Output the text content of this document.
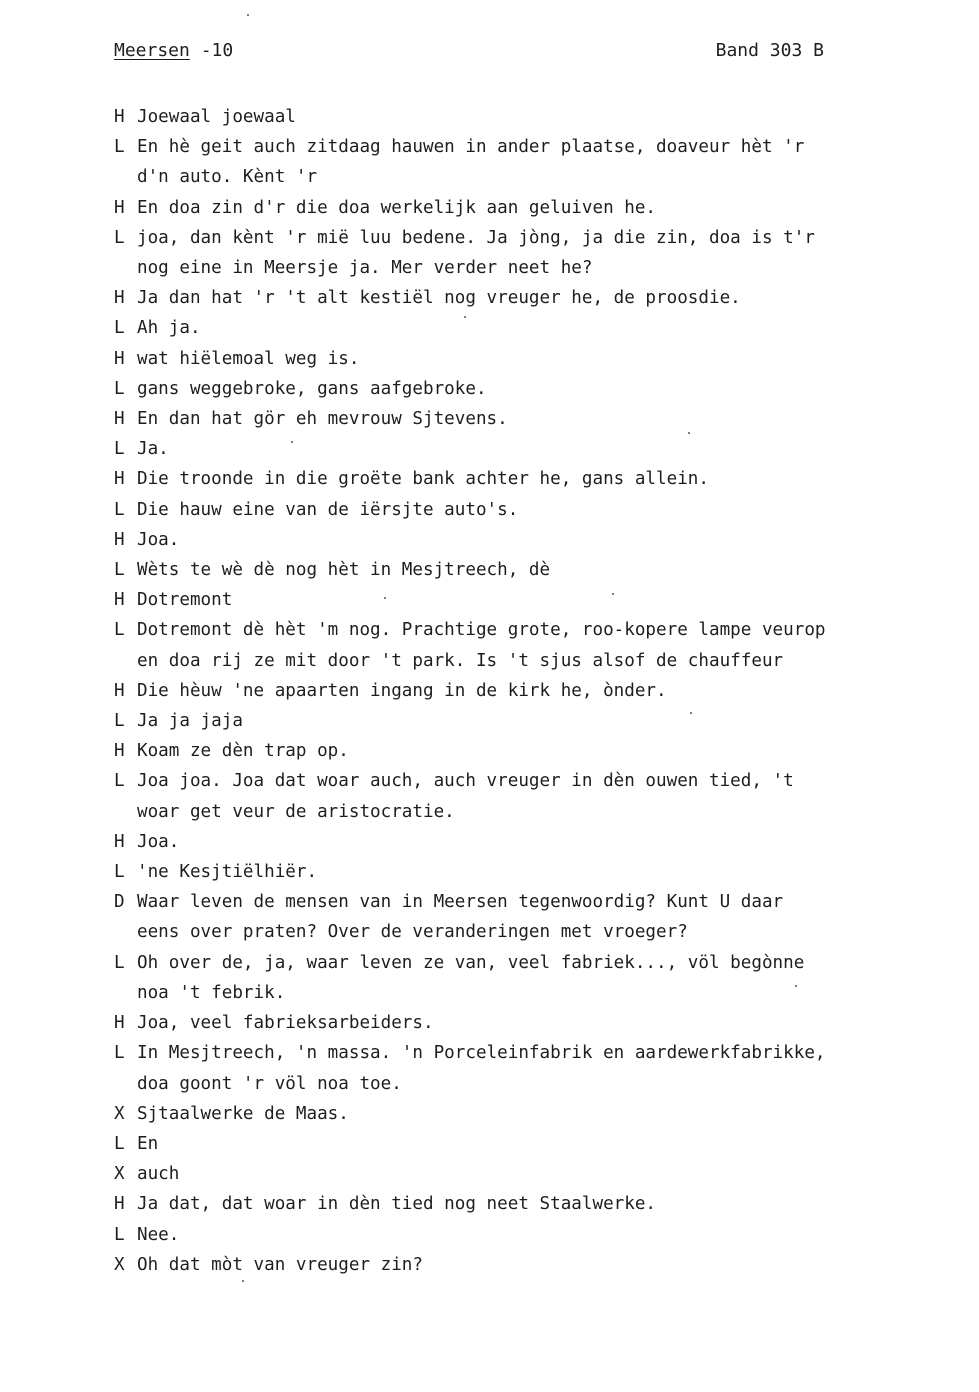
Meersen -10	Band 303 B
H Joewaal joewaal
L En hè geit auch zitdaag hauwen in ander plaatse, doaveur hèt 'r
d'n auto. Kènt 'r
H En doa zin d'r die doa werkelijk aan geluiven he.
L joa, dan kènt 'r mië luu bedene. Ja jòng, ja die zin, doa is t'r
nog eine in Meersje ja. Mer verder neet he?
H Ja dan hat 'r 't alt kestiël nog vreuger he, de proosdie.
L Ah ja.
H wat hiëlemoal weg is.
L gans weggebroke, gans aafgebroke.
H En dan hat gör eh mevrouw Sjtevens.
L Ja.
H Die troonde in die groëte bank achter he, gans allein.
L Die hauw eine van de iërsjte auto's.
H Joa.
L Wèts te wè dè nog hèt in Mesjtreech, dè
H Dotremont
L Dotremont dè hèt 'm nog. Prachtige grote, roo-kopere lampe veurop
en doa rij ze mit door 't park. Is 't sjus alsof de chauffeur
H Die hèuw 'ne apaarten ingang in de kirk he, ònder.
L Ja ja jaja
H Koam ze dèn trap op.
L Joa joa. Joa dat woar auch, auch vreuger in dèn ouwen tied, 't
woar get veur de aristocratie.
H Joa.
L 'ne Kesjtiëlhiër.
D Waar leven de mensen van in Meersen tegenwoordig? Kunt U daar
eens over praten? Over de veranderingen met vroeger?
L Oh over de, ja, waar leven ze van, veel fabriek..., völ begònne
noa 't febrik.
H Joa, veel fabrieksarbeiders.
L In Mesjtreech, 'n massa. 'n Porceleinfabrik en aardewerkfabrikke,
doa goont 'r völ noa toe.
X Sjtaalwerke de Maas.
L En
X auch
H Ja dat, dat woar in dèn tied nog neet Staalwerke.
L Nee.
X Oh dat mòt van vreuger zin?
